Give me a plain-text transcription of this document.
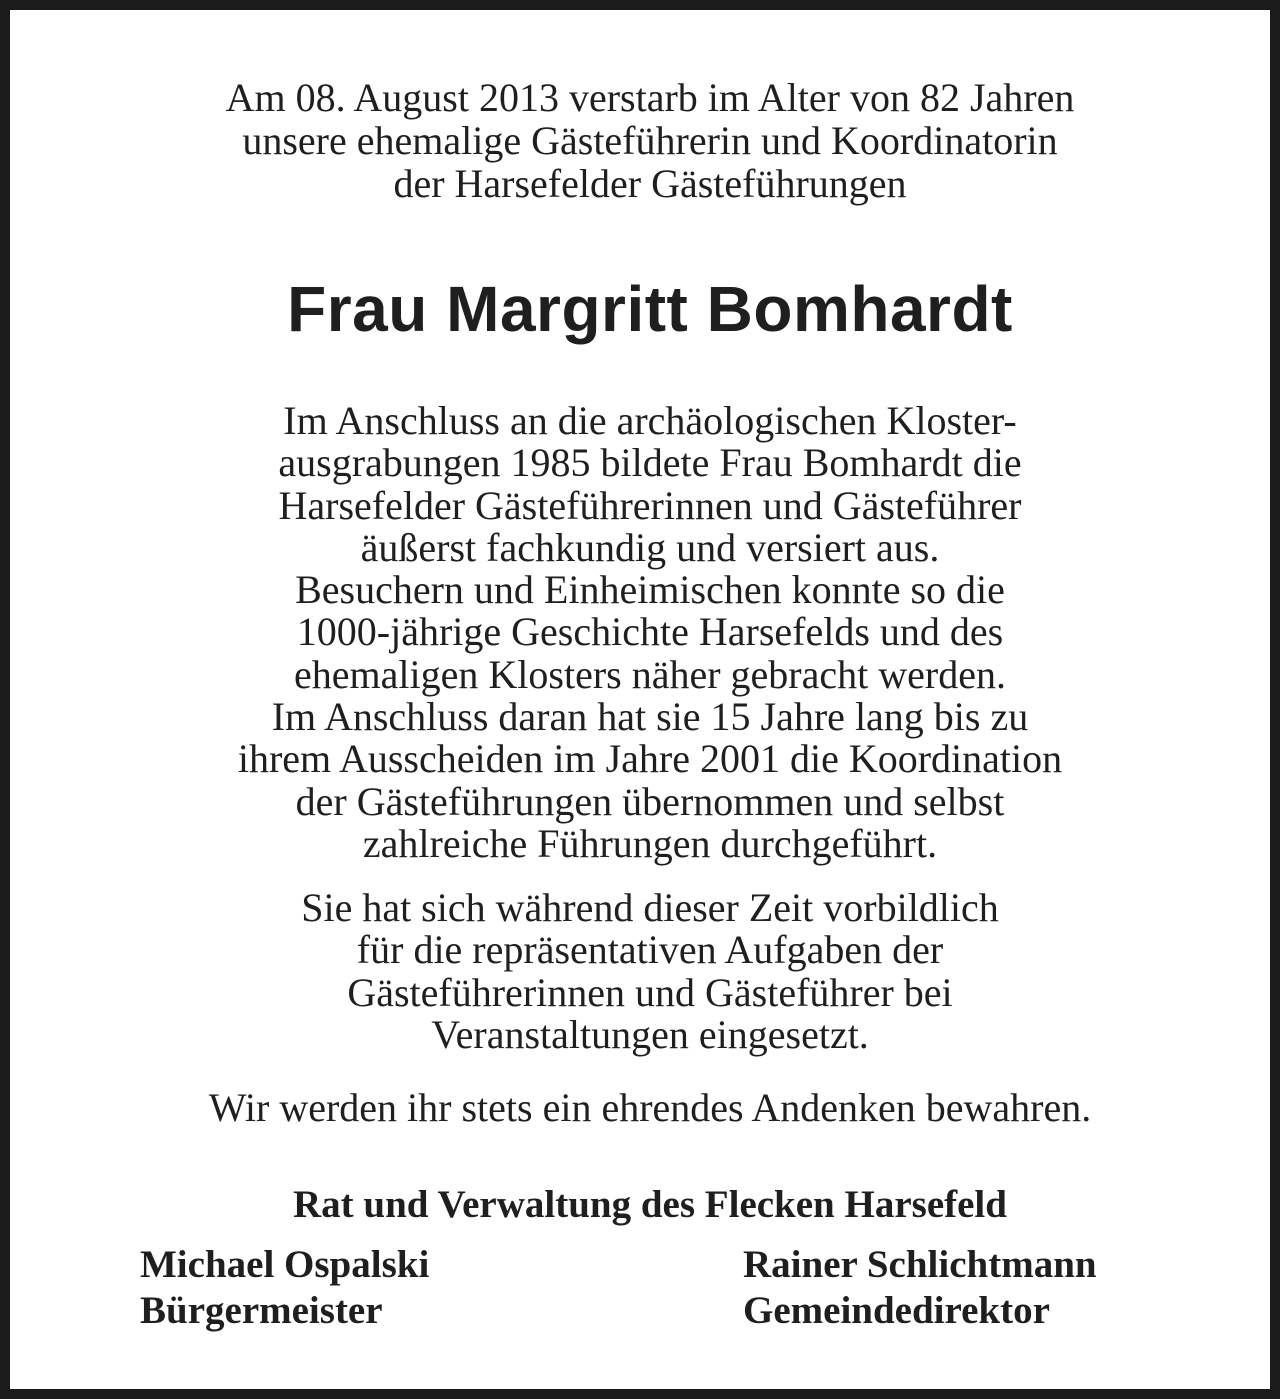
Am 08. August 2013 verstarb im Alter von 82 Jahren
unsere ehemalige Gästeführerin und Koordinatorin
der Harsefelder Gästeführungen
Frau Margritt Bomhardt
Im Anschluss an die archäologischen Kloster-
ausgrabungen 1985 bildete Frau Bomhardt die
Harsefelder Gästeführerinnen und Gästeführer
äußerst fachkundig und versiert aus.
Besuchern und Einheimischen konnte so die
1000-jährige Geschichte Harsefelds und des
ehemaligen Klosters näher gebracht werden.
Im Anschluss daran hat sie 15 Jahre lang bis zu
ihrem Ausscheiden im Jahre 2001 die Koordination
der Gästeführungen übernommen und selbst
zahlreiche Führungen durchgeführt.
Sie hat sich während dieser Zeit vorbildlich
für die repräsentativen Aufgaben der
Gästeführerinnen und Gästeführer bei
Veranstaltungen eingesetzt.
Wir werden ihr stets ein ehrendes Andenken bewahren.
Rat und Verwaltung des Flecken Harsefeld
Michael Ospalski
Bürgermeister
Rainer Schlichtmann
Gemeindedirektor
